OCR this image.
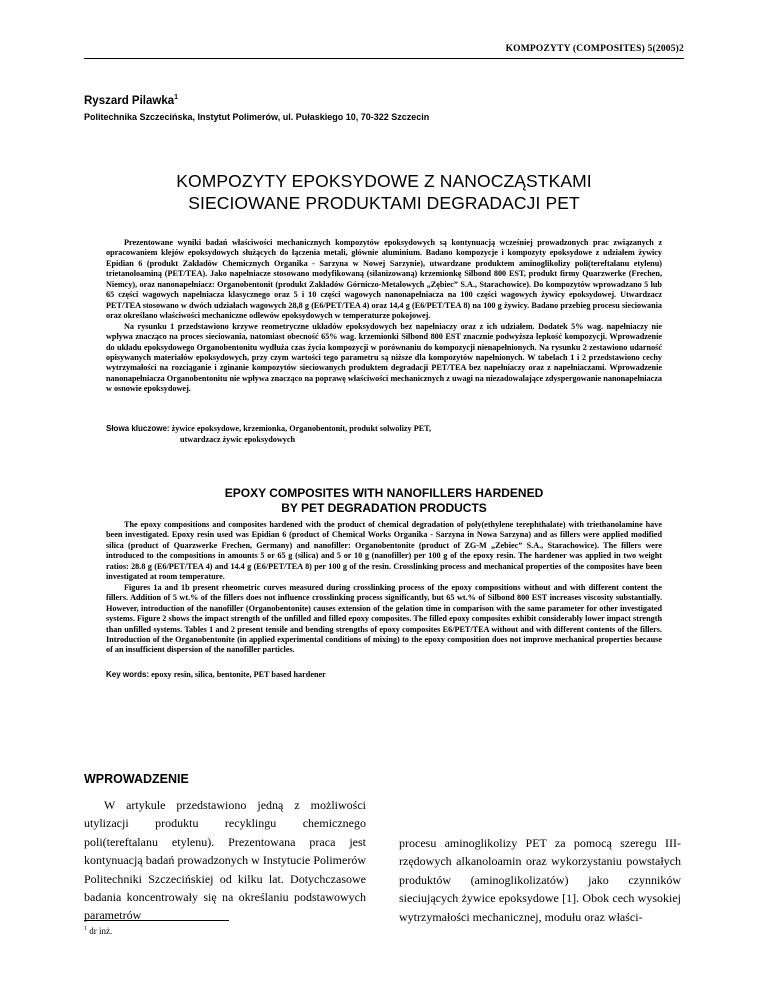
KOMPOZYTY (COMPOSITES) 5(2005)2
Ryszard Pilawka$^1$
Politechnika Szczecińska, Instytut Polimerów, ul. Pułaskiego 10, 70-322 Szczecin
KOMPOZYTY EPOKSYDOWE Z NANOCZĄSTKAMI
SIECIOWANE PRODUKTAMI DEGRADACJI PET

Prezentowane wyniki badań właściwości mechanicznych kompozytów epoksydowych są kontynuacją wcześniej prowadzonych prac związanych z opracowaniem klejów epoksydowych służących do łączenia metali, głównie aluminium. Badano kompozycje i kompozyty epoksydowe z udziałem żywicy Epidian 6 (produkt Zakładów Chemicznych Organika - Sarzyna w Nowej Sarzynie), utwardzane produktem aminoglikolizy poli(tereftalanu etylenu) trietanoloaminą (PET/TEA). Jako napełniacze stosowano modyfikowaną (silanizowaną) krzemionkę Silbond 800 EST, produkt firmy Quarzwerke (Frechen, Niemcy), oraz nanonapełniacz: Organobentonit (produkt Zakładów Górniczo-Metalowych „Zębiec” S.A., Starachowice). Do kompozytów wprowadzano 5 lub 65 części wagowych napełniacza klasycznego oraz 5 i 10 części wagowych nanonapełniacza na 100 części wagowych żywicy epoksydowej. Utwardzacz PET/TEA stosowano w dwóch udziałach wagowych 28,8 g (E6/PET/TEA 4) oraz 14,4 g (E6/PET/TEA 8) na 100 g żywicy. Badano przebieg procesu sieciowania oraz określano właściwości mechaniczne odlewów epoksydowych w temperaturze pokojowej.

Na rysunku 1 przedstawiono krzywe reometryczne układów epoksydowych bez napełniaczy oraz z ich udziałem. Dodatek 5% wag. napełniaczy nie wpływa znacząco na proces sieciowania, natomiast obecność 65% wag. krzemionki Silbond 800 EST znacznie podwyższa lepkość kompozycji. Wprowadzenie do układu epoksydowego Organobentonitu wydłuża czas życia kompozycji w porównaniu do kompozycji nienapełnionych. Na rysunku 2 zestawiono udarność opisywanych materiałów epoksydowych, przy czym wartości tego parametru są niższe dla kompozytów napełnionych. W tabelach 1 i 2 przedstawiono cechy wytrzymałości na rozciąganie i zginanie kompozytów sieciowanych produktem degradacji PET/TEA bez napełniaczy oraz z napełniaczami. Wprowadzenie nanonapełniacza Organobentonitu nie wpływa znacząco na poprawę właściwości mechanicznych z uwagi na niezadowalające zdyspergowanie nanonapełniacza w osnowie epoksydowej.

Słowa kluczowe: żywice epoksydowe, krzemionka, Organobentonit, produkt solwolizy PET,
utwardzacz żywic epoksydowych
EPOXY COMPOSITES WITH NANOFILLERS HARDENED
BY PET DEGRADATION PRODUCTS

The epoxy compositions and composites hardened with the product of chemical degradation of poly(ethylene terephthalate) with triethanolamine have been investigated. Epoxy resin used was Epidian 6 (product of Chemical Works Organika - Sarzyna in Nowa Sarzyna) and as fillers were applied modified silica (product of Quarzwerke Frechen, Germany) and nanofiller: Organobentonite (product of ZG-M „Zebiec” S.A., Starachowice). The fillers were introduced to the compositions in amounts 5 or 65 g (silica) and 5 or 10 g (nanofiller) per 100 g of the epoxy resin. The hardener was applied in two weight ratios: 28.8 g (E6/PET/TEA 4) and 14.4 g (E6/PET/TEA 8) per 100 g of the resin. Crosslinking process and mechanical properties of the composites have been investigated at room temperature.

Figures 1a and 1b present rheometric curves measured during crosslinking process of the epoxy compositions without and with different content the fillers. Addition of 5 wt.% of the fillers does not influence crosslinking process significantly, but 65 wt.% of Silbond 800 EST increases viscosity substantially. However, introduction of the nanofiller (Organobentonite) causes extension of the gelation time in comparison with the same parameter for other investigated systems. Figure 2 shows the impact strength of the unfilled and filled epoxy composites. The filled epoxy composites exhibit considerably lower impact strength than unfilled systems. Tables 1 and 2 present tensile and bending strengths of epoxy composites E6/PET/TEA without and with different contents of the fillers. Introduction of the Organobentonite (in applied experimental conditions of mixing) to the epoxy composition does not improve mechanical properties because of an insufficient dispersion of the nanofiller particles.

Key words: epoxy resin, silica, bentonite, PET based hardener
WPROWADZENIE

W artykule przedstawiono jedną z możliwości utylizacji produktu recyklingu chemicznego poli(tereftalanu etylenu). Prezentowana praca jest kontynuacją badań prowadzonych w Instytucie Polimerów Politechniki Szczecińskiej od kilku lat. Dotychczasowe badania koncentrowały się na określaniu podstawowych parametrów

procesu aminoglikolizy PET za pomocą szeregu III-rzędowych alkanoloamin oraz wykorzystaniu powstałych produktów (aminoglikolizatów) jako czynników sieciujących żywice epoksydowe [1]. Obok cech wysokiej wytrzymałości mechanicznej, modułu oraz właści-

$^1$ dr inż.
